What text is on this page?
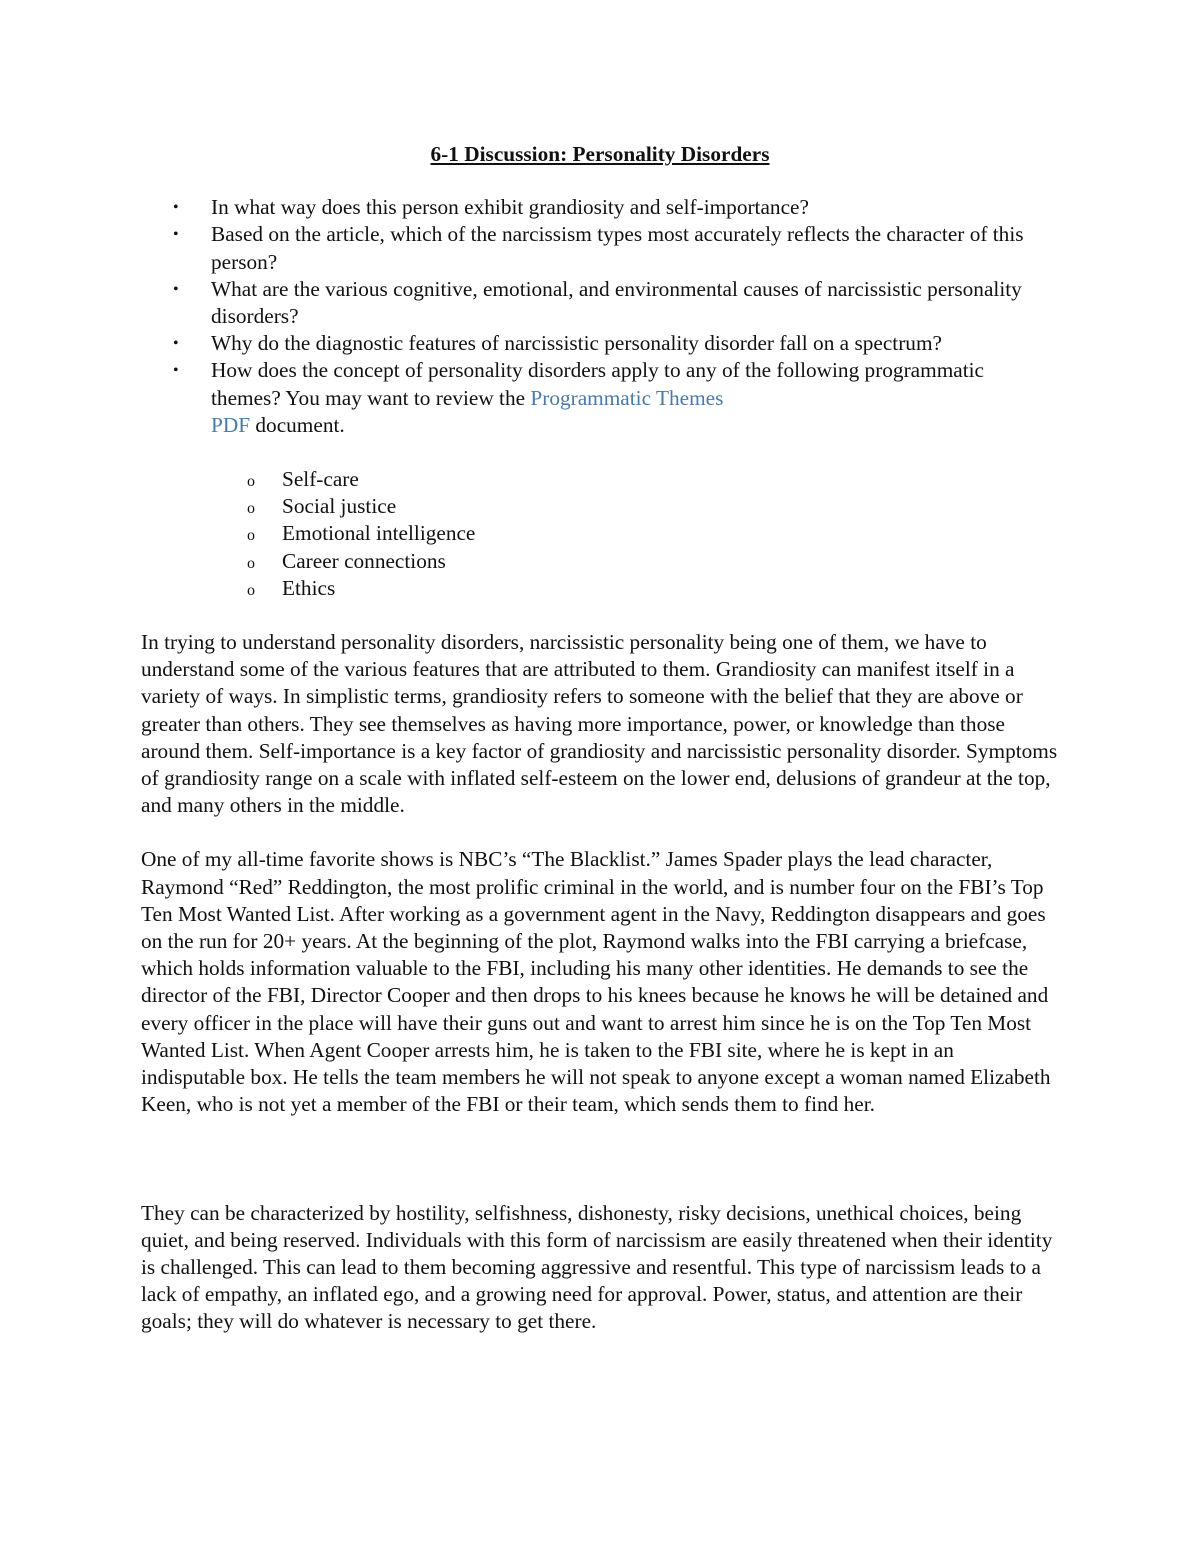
6-1 Discussion: Personality Disorders
• In what way does this person exhibit grandiosity and self-importance?
• Based on the article, which of the narcissism types most accurately reflects the character of this person?
• What are the various cognitive, emotional, and environmental causes of narcissistic personality disorders?
• Why do the diagnostic features of narcissistic personality disorder fall on a spectrum?
• How does the concept of personality disorders apply to any of the following programmatic themes? You may want to review the Programmatic Themes
PDF document.
o Self-care
o Social justice
o Emotional intelligence
o Career connections
o Ethics

In trying to understand personality disorders, narcissistic personality being one of them, we have to understand some of the various features that are attributed to them. Grandiosity can manifest itself in a variety of ways. In simplistic terms, grandiosity refers to someone with the belief that they are above or greater than others. They see themselves as having more importance, power, or knowledge than those around them. Self-importance is a key factor of grandiosity and narcissistic personality disorder. Symptoms of grandiosity range on a scale with inflated self-esteem on the lower end, delusions of grandeur at the top, and many others in the middle.

One of my all-time favorite shows is NBC’s “The Blacklist.” James Spader plays the lead character, Raymond “Red” Reddington, the most prolific criminal in the world, and is number four on the FBI’s Top Ten Most Wanted List. After working as a government agent in the Navy, Reddington disappears and goes on the run for 20+ years. At the beginning of the plot, Raymond walks into the FBI carrying a briefcase, which holds information valuable to the FBI, including his many other identities. He demands to see the director of the FBI, Director Cooper and then drops to his knees because he knows he will be detained and every officer in the place will have their guns out and want to arrest him since he is on the Top Ten Most Wanted List. When Agent Cooper arrests him, he is taken to the FBI site, where he is kept in an indisputable box. He tells the team members he will not speak to anyone except a woman named Elizabeth Keen, who is not yet a member of the FBI or their team, which sends them to find her.

They can be characterized by hostility, selfishness, dishonesty, risky decisions, unethical choices, being quiet, and being reserved. Individuals with this form of narcissism are easily threatened when their identity is challenged. This can lead to them becoming aggressive and resentful. This type of narcissism leads to a lack of empathy, an inflated ego, and a growing need for approval. Power, status, and attention are their goals; they will do whatever is necessary to get there.
